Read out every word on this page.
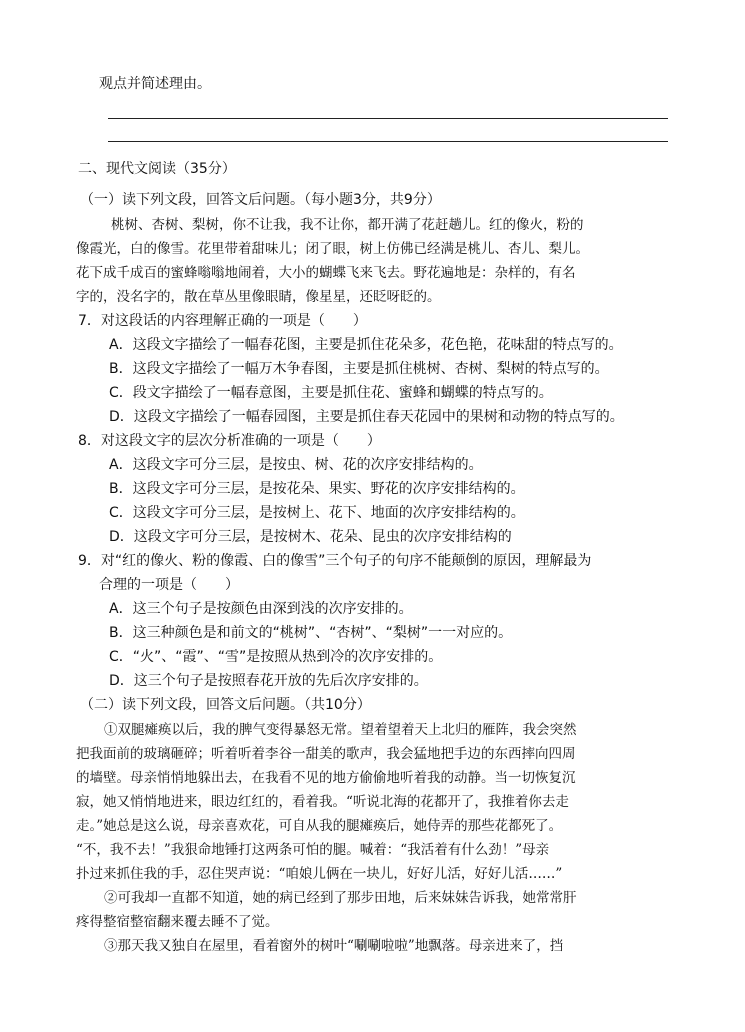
观点并简述理由。
二、现代文阅读（35分）
（一）读下列文段，回答文后问题。（每小题3分，共9分）
桃树、杏树、梨树，你不让我，我不让你，都开满了花赶趟儿。红的像火，粉的
像霞光，白的像雪。花里带着甜味儿；闭了眼，树上仿佛已经满是桃儿、杏儿、梨儿。
花下成千成百的蜜蜂嗡嗡地闹着，大小的蝴蝶飞来飞去。野花遍地是：杂样的，有名
字的，没名字的，散在草丛里像眼睛，像星星，还眨呀眨的。
7．对这段话的内容理解正确的一项是（　　）
A．这段文字描绘了一幅春花图，主要是抓住花朵多，花色艳，花味甜的特点写的。
B．这段文字描绘了一幅万木争春图，主要是抓住桃树、杏树、梨树的特点写的。
C．段文字描绘了一幅春意图，主要是抓住花、蜜蜂和蝴蝶的特点写的。
D．这段文字描绘了一幅春园图，主要是抓住春天花园中的果树和动物的特点写的。
8．对这段文字的层次分析准确的一项是（　　）
A．这段文字可分三层，是按虫、树、花的次序安排结构的。
B．这段文字可分三层，是按花朵、果实、野花的次序安排结构的。
C．这段文字可分三层，是按树上、花下、地面的次序安排结构的。
D．这段文字可分三层，是按树木、花朵、昆虫的次序安排结构的
9．对“红的像火、粉的像霞、白的像雪”三个句子的句序不能颠倒的原因，理解最为
合理的一项是（　　）
A．这三个句子是按颜色由深到浅的次序安排的。
B．这三种颜色是和前文的“桃树”、“杏树”、“梨树”一一对应的。
C．“火”、“霞”、“雪”是按照从热到冷的次序安排的。
D．这三个句子是按照春花开放的先后次序安排的。
（二）读下列文段，回答文后问题。（共10分）
①双腿瘫痪以后，我的脾气变得暴怒无常。望着望着天上北归的雁阵，我会突然
把我面前的玻璃砸碎；听着听着李谷一甜美的歌声，我会猛地把手边的东西摔向四周
的墙壁。母亲悄悄地躲出去，在我看不见的地方偷偷地听着我的动静。当一切恢复沉
寂，她又悄悄地进来，眼边红红的，看着我。“听说北海的花都开了，我推着你去走
走。”她总是这么说，母亲喜欢花，可自从我的腿瘫痪后，她侍弄的那些花都死了。
“不，我不去！”我狠命地锤打这两条可怕的腿。喊着：“我活着有什么劲！”母亲
扑过来抓住我的手，忍住哭声说：“咱娘儿俩在一块儿，好好儿活，好好儿活……”
②可我却一直都不知道，她的病已经到了那步田地，后来妹妹告诉我，她常常肝
疼得整宿整宿翻来覆去睡不了觉。
③那天我又独自在屋里，看着窗外的树叶“唰唰啦啦”地飘落。母亲进来了，挡
